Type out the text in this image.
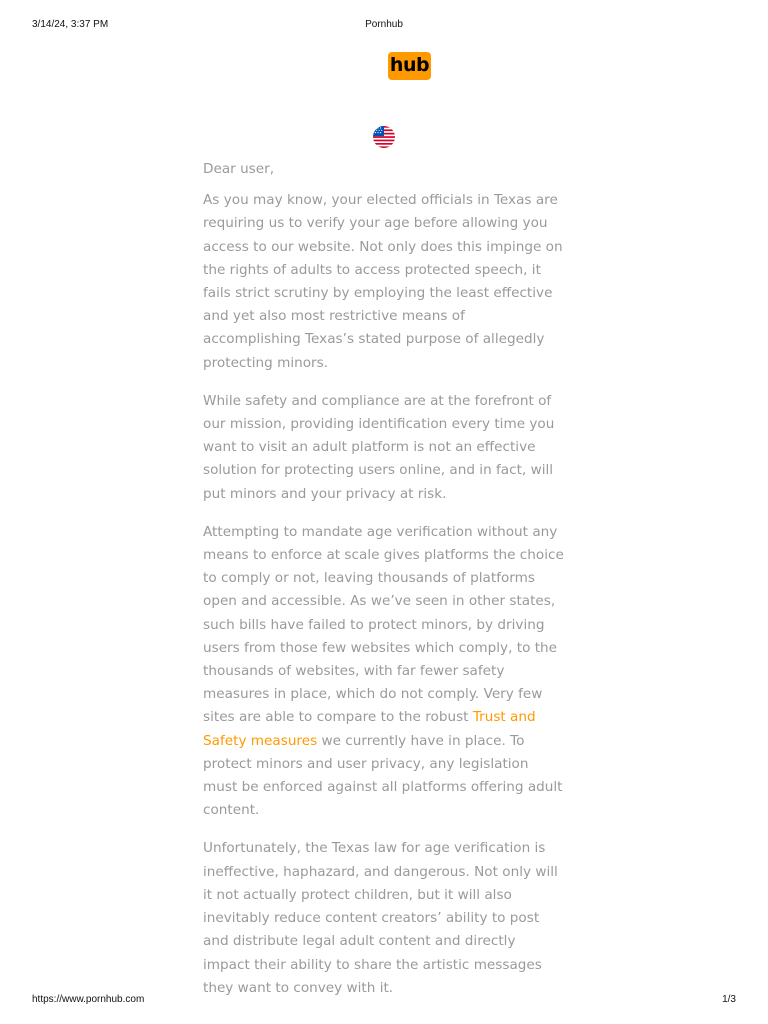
3/14/24, 3:37 PM	Pornhub
hub

Dear user,

As you may know, your elected officials in Texas are requiring us to verify your age before allowing you access to our website. Not only does this impinge on the rights of adults to access protected speech, it fails strict scrutiny by employing the least effective and yet also most restrictive means of accomplishing Texas’s stated purpose of allegedly protecting minors.

While safety and compliance are at the forefront of our mission, providing identification every time you want to visit an adult platform is not an effective solution for protecting users online, and in fact, will put minors and your privacy at risk.

Attempting to mandate age verification without any means to enforce at scale gives platforms the choice to comply or not, leaving thousands of platforms open and accessible. As we’ve seen in other states, such bills have failed to protect minors, by driving users from those few websites which comply, to the thousands of websites, with far fewer safety measures in place, which do not comply. Very few sites are able to compare to the robust Trust and Safety measures we currently have in place. To protect minors and user privacy, any legislation must be enforced against all platforms offering adult content.

Unfortunately, the Texas law for age verification is ineffective, haphazard, and dangerous. Not only will it not actually protect children, but it will also inevitably reduce content creators’ ability to post and distribute legal adult content and directly impact their ability to share the artistic messages they want to convey with it.

https://www.pornhub.com	1/3
